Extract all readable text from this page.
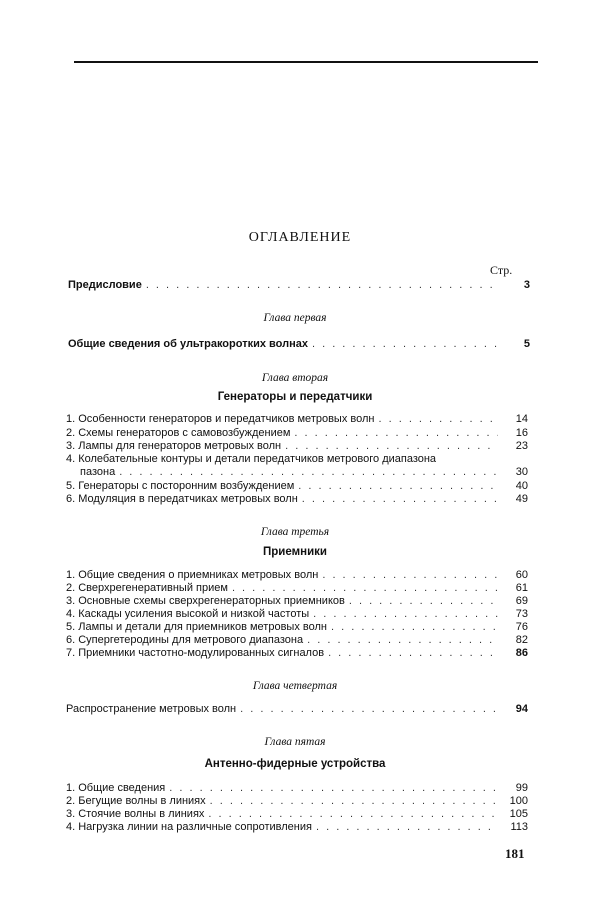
ОГЛАВЛЕНИЕ
Стр.
Предисловие . . .	3
Глава первая
Общие сведения об ультракоротких волнах . . .	5
Глава вторая
Генераторы и передатчики
1. Особенности генераторов и передатчиков метровых волн . . .	14
2. Схемы генераторов с самовозбуждением . . .	16
3. Лампы для генераторов метровых волн . . .	23
4. Колебательные контуры и детали передатчиков метрового диапазона
пазона . . .	30
5. Генераторы с посторонним возбуждением . . .	40
6. Модуляция в передатчиках метровых волн . . .	49
Глава третья
Приемники
1. Общие сведения о приемниках метровых волн . . .	60
2. Сверхрегенеративный прием . . .	61
3. Основные схемы сверхрегенераторных приемников . . .	69
4. Каскады усиления высокой и низкой частоты . . .	73
5. Лампы и детали для приемников метровых волн . . .	76
6. Супергетеродины для метрового диапазона . . .	82
7. Приемники частотно-модулированных сигналов . . .	86
Глава четвертая
Распространение метровых волн . . .	94
Глава пятая
Антенно-фидерные устройства
1. Общие сведения . . .	99
2. Бегущие волны в линиях . . .	100
3. Стоячие волны в линиях . . .	105
4. Нагрузка линии на различные сопротивления . . .	113
181
